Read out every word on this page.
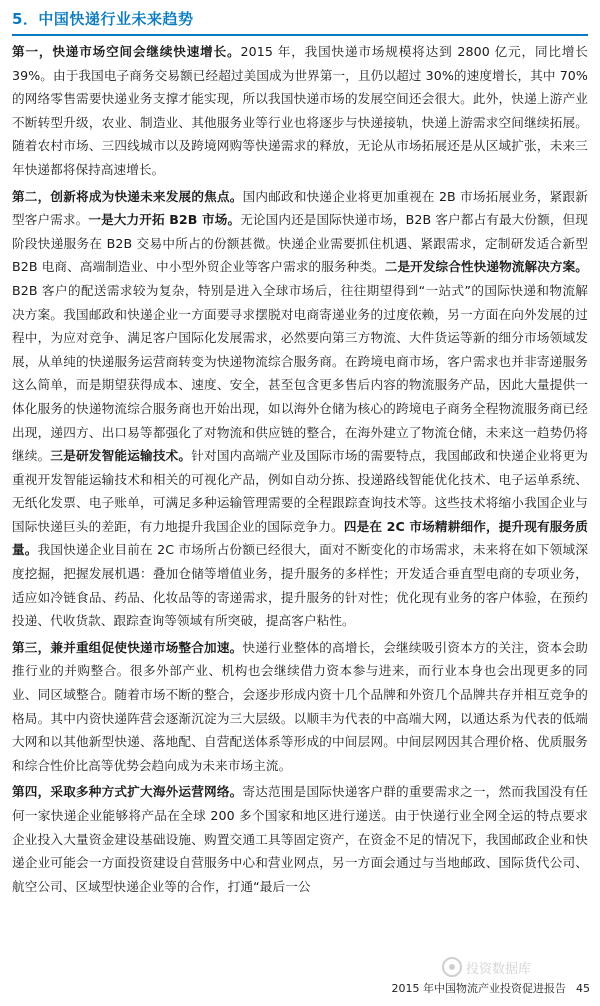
5．中国快递行业未来趋势

第一，快递市场空间会继续快速增长。2015 年，我国快递市场规模将达到 2800 亿元，同比增长 39%。由于我国电子商务交易额已经超过美国成为世界第一，且仍以超过 30%的速度增长，其中 70%的网络零售需要快递业务支撑才能实现，所以我国快递市场的发展空间还会很大。此外，快递上游产业不断转型升级，农业、制造业、其他服务业等行业也将逐步与快递接轨，快递上游需求空间继续拓展。随着农村市场、三四线城市以及跨境网购等快递需求的释放，无论从市场拓展还是从区域扩张，未来三年快递都将保持高速增长。

第二，创新将成为快递未来发展的焦点。国内邮政和快递企业将更加重视在 2B 市场拓展业务，紧跟新型客户需求。一是大力开拓 B2B 市场。无论国内还是国际快递市场，B2B 客户都占有最大份额，但现阶段快递服务在 B2B 交易中所占的份额甚微。快递企业需要抓住机遇、紧跟需求，定制研发适合新型 B2B 电商、高端制造业、中小型外贸企业等客户需求的服务种类。二是开发综合性快递物流解决方案。B2B 客户的配送需求较为复杂，特别是进入全球市场后，往往期望得到“一站式”的国际快递和物流解决方案。我国邮政和快递企业一方面要寻求摆脱对电商寄递业务的过度依赖，另一方面在向外发展的过程中，为应对竞争、满足客户国际化发展需求，必然要向第三方物流、大件货运等新的细分市场领域发展，从单纯的快递服务运营商转变为快递物流综合服务商。在跨境电商市场，客户需求也并非寄递服务这么简单，而是期望获得成本、速度、安全，甚至包含更多售后内容的物流服务产品，因此大量提供一体化服务的快递物流综合服务商也开始出现，如以海外仓储为核心的跨境电子商务全程物流服务商已经出现，递四方、出口易等都强化了对物流和供应链的整合，在海外建立了物流仓储，未来这一趋势仍将继续。三是研发智能运输技术。针对国内高端产业及国际市场的需要特点，我国邮政和快递企业将更为重视开发智能运输技术和相关的可视化产品，例如自动分拣、投递路线智能优化技术、电子运单系统、无纸化发票、电子账单，可满足多种运输管理需要的全程跟踪查询技术等。这些技术将缩小我国企业与国际快递巨头的差距，有力地提升我国企业的国际竞争力。四是在 2C 市场精耕细作，提升现有服务质量。我国快递企业目前在 2C 市场所占份额已经很大，面对不断变化的市场需求，未来将在如下领域深度挖掘，把握发展机遇：叠加仓储等增值业务，提升服务的多样性；开发适合垂直型电商的专项业务，适应如冷链食品、药品、化妆品等的寄递需求，提升服务的针对性；优化现有业务的客户体验，在预约投递、代收货款、跟踪查询等领域有所突破，提高客户粘性。

第三，兼并重组促使快递市场整合加速。快递行业整体的高增长，会继续吸引资本方的关注，资本会助推行业的并购整合。很多外部产业、机构也会继续借力资本参与进来，而行业本身也会出现更多的同业、同区域整合。随着市场不断的整合，会逐步形成内资十几个品牌和外资几个品牌共存并相互竞争的格局。其中内资快递阵营会逐渐沉淀为三大层级。以顺丰为代表的中高端大网，以通达系为代表的低端大网和以其他新型快递、落地配、自营配送体系等形成的中间层网。中间层网因其合理价格、优质服务和综合性价比高等优势会趋向成为未来市场主流。

第四，采取多种方式扩大海外运营网络。寄达范围是国际快递客户群的重要需求之一，然而我国没有任何一家快递企业能够将产品在全球 200 多个国家和地区进行递送。由于快递行业全网全运的特点要求企业投入大量资金建设基础设施、购置交通工具等固定资产，在资金不足的情况下，我国邮政企业和快递企业可能会一方面投资建设自营服务中心和营业网点，另一方面会通过与当地邮政、国际货代公司、航空公司、区域型快递企业等的合作，打通“最后一公

投资数据库
2015 年中国物流产业投资促进报告 45
